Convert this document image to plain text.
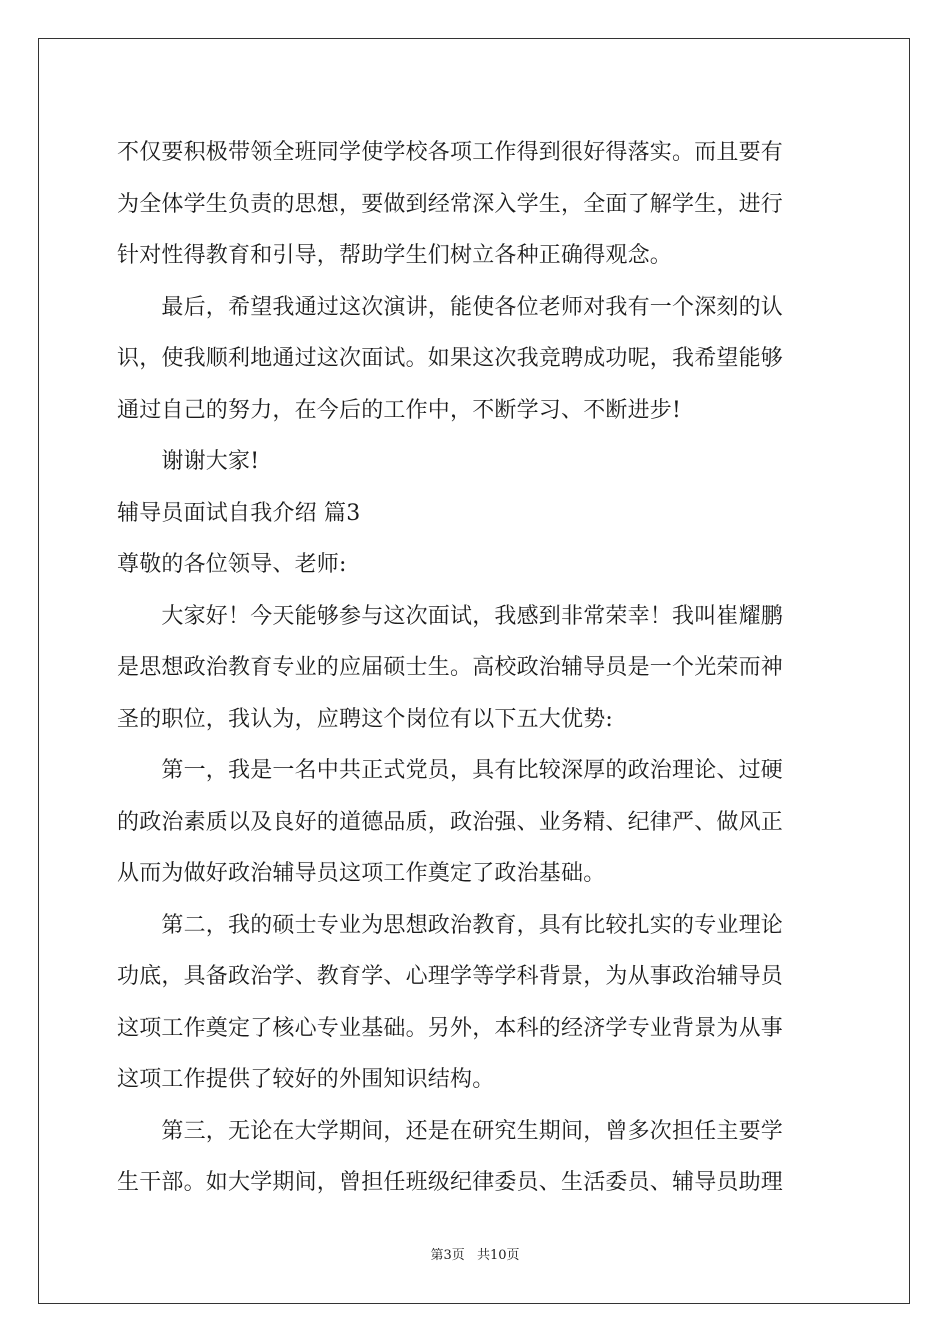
不仅要积极带领全班同学使学校各项工作得到很好得落实。而且要有
为全体学生负责的思想，要做到经常深入学生，全面了解学生，进行
针对性得教育和引导，帮助学生们树立各种正确得观念。
　　最后，希望我通过这次演讲，能使各位老师对我有一个深刻的认
识，使我顺利地通过这次面试。如果这次我竞聘成功呢，我希望能够
通过自己的努力，在今后的工作中，不断学习、不断进步!
　　谢谢大家!
辅导员面试自我介绍 篇3
尊敬的各位领导、老师:
　　大家好！今天能够参与这次面试，我感到非常荣幸！我叫崔耀鹏
是思想政治教育专业的应届硕士生。高校政治辅导员是一个光荣而神
圣的职位，我认为，应聘这个岗位有以下五大优势:
　　第一，我是一名中共正式党员，具有比较深厚的政治理论、过硬
的政治素质以及良好的道德品质，政治强、业务精、纪律严、做风正
从而为做好政治辅导员这项工作奠定了政治基础。
　　第二，我的硕士专业为思想政治教育，具有比较扎实的专业理论
功底，具备政治学、教育学、心理学等学科背景，为从事政治辅导员
这项工作奠定了核心专业基础。另外，本科的经济学专业背景为从事
这项工作提供了较好的外围知识结构。
　　第三，无论在大学期间，还是在研究生期间，曾多次担任主要学
生干部。如大学期间，曾担任班级纪律委员、生活委员、辅导员助理
第3页 共10页
